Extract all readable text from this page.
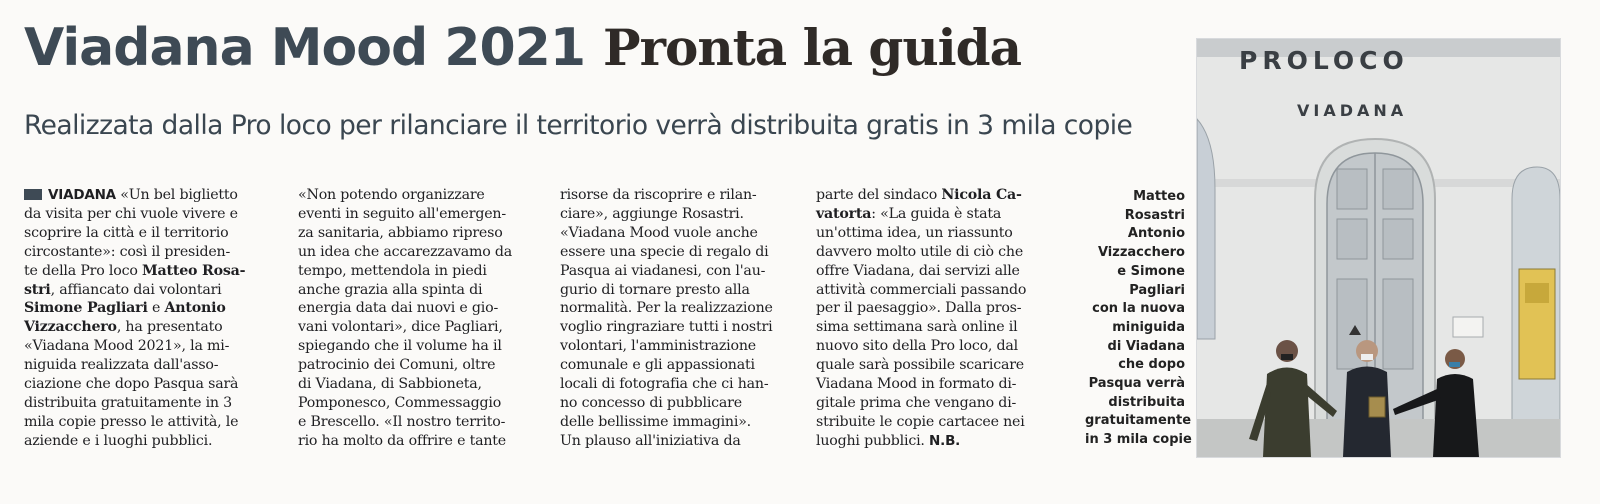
Viadana Mood 2021 Pronta la guida
Realizzata dalla Pro loco per rilanciare il territorio verrà distribuita gratis in 3 mila copie

VIADANA «Un bel biglietto

da visita per chi vuole vivere e

scoprire la città e il territorio

circostante»: così il presiden-

te della Pro loco Matteo Rosa-

stri, affiancato dai volontari

Simone Pagliari e Antonio

Vizzacchero, ha presentato

«Viadana Mood 2021», la mi-

niguida realizzata dall'asso-

ciazione che dopo Pasqua sarà

distribuita gratuitamente in 3

mila copie presso le attività, le

aziende e i luoghi pubblici.

«Non potendo organizzare

eventi in seguito all'emergen-

za sanitaria, abbiamo ripreso

un idea che accarezzavamo da

tempo, mettendola in piedi

anche grazia alla spinta di

energia data dai nuovi e gio-

vani volontari», dice Pagliari,

spiegando che il volume ha il

patrocinio dei Comuni, oltre

di Viadana, di Sabbioneta,

Pomponesco, Commessaggio

e Brescello. «Il nostro territo-

rio ha molto da offrire e tante

risorse da riscoprire e rilan-

ciare», aggiunge Rosastri.

«Viadana Mood vuole anche

essere una specie di regalo di

Pasqua ai viadanesi, con l'au-

gurio di tornare presto alla

normalità. Per la realizzazione

voglio ringraziare tutti i nostri

volontari, l'amministrazione

comunale e gli appassionati

locali di fotografia che ci han-

no concesso di pubblicare

delle bellissime immagini».

Un plauso all'iniziativa da

parte del sindaco Nicola Ca-

vatorta: «La guida è stata

un'ottima idea, un riassunto

davvero molto utile di ciò che

offre Viadana, dai servizi alle

attività commerciali passando

per il paesaggio». Dalla pros-

sima settimana sarà online il

nuovo sito della Pro loco, dal

quale sarà possibile scaricare

Viadana Mood in formato di-

gitale prima che vengano di-

stribuite le copie cartacee nei

luoghi pubblici. N.B.

Matteo

Rosastri

Antonio

Vizzacchero

e Simone

Pagliari

con la nuova

miniguida

di Viadana

che dopo

Pasqua verrà

distribuita

gratuitamente

in 3 mila copie

PROLOCO
VIADANA
